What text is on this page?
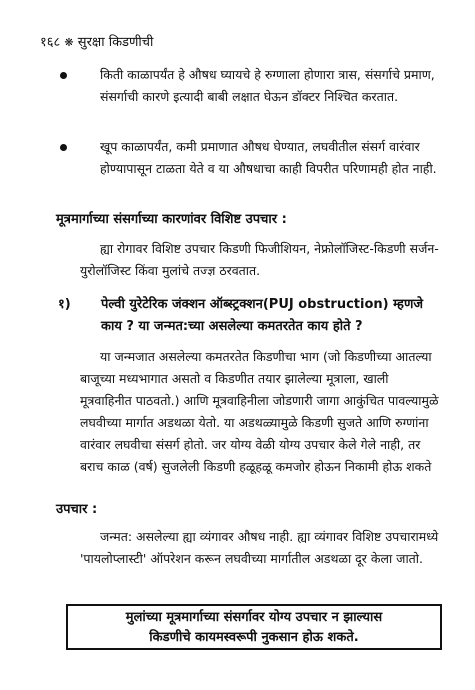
१६८ ❋ सुरक्षा किडणीची
किती काळापर्यंत हे औषध घ्यायचे हे रुग्णाला होणारा त्रास, संसर्गाचे प्रमाण, संसर्गाची कारणे इत्यादी बाबी लक्षात घेऊन डॉक्टर निश्चित करतात.
खूप काळापर्यंत, कमी प्रमाणात औषध घेण्यात, लघवीतील संसर्ग वारंवार होण्यापासून टाळता येते व या औषधाचा काही विपरीत परिणामही होत नाही.
मूत्रमार्गाच्या संसर्गाच्या कारणांवर विशिष्ट उपचार :
ह्या रोगावर विशिष्ट उपचार किडणी फिजीशियन, नेफ्रोलॉजिस्ट-किडणी सर्जन-युरोलॉजिस्ट किंवा मुलांचे तज्ज्ञ ठरवतात.
१) पेल्वी युरेटेरिक जंक्शन ऑब्स्ट्रक्शन(PUJ obstruction) म्हणजे काय ? या जन्मत:च्या असलेल्या कमतरतेत काय होते ?
या जन्मजात असलेल्या कमतरतेत किडणीचा भाग (जो किडणीच्या आतल्या बाजूच्या मध्यभागात असतो व किडणीत तयार झालेल्या मूत्राला, खाली मूत्रवाहिनीत पाठवतो.) आणि मूत्रवाहिनीला जोडणारी जागा आकुंचित पावल्यामुळे लघवीच्या मार्गात अडथळा येतो. या अडथळ्यामुळे किडणी सुजते आणि रुग्णांना वारंवार लघवीचा संसर्ग होतो. जर योग्य वेळी योग्य उपचार केले गेले नाही, तर बराच काळ (वर्ष) सुजलेली किडणी हळूहळू कमजोर होऊन निकामी होऊ शकते
उपचार :
जन्मत: असलेल्या ह्या व्यंगावर औषध नाही. ह्या व्यंगावर विशिष्ट उपचारामध्ये 'पायलोप्लास्टी' ऑपरेशन करून लघवीच्या मार्गातील अडथळा दूर केला जातो.
मुलांच्या मूत्रमार्गाच्या संसर्गावर योग्य उपचार न झाल्यास
किडणीचे कायमस्वरूपी नुकसान होऊ शकते.
